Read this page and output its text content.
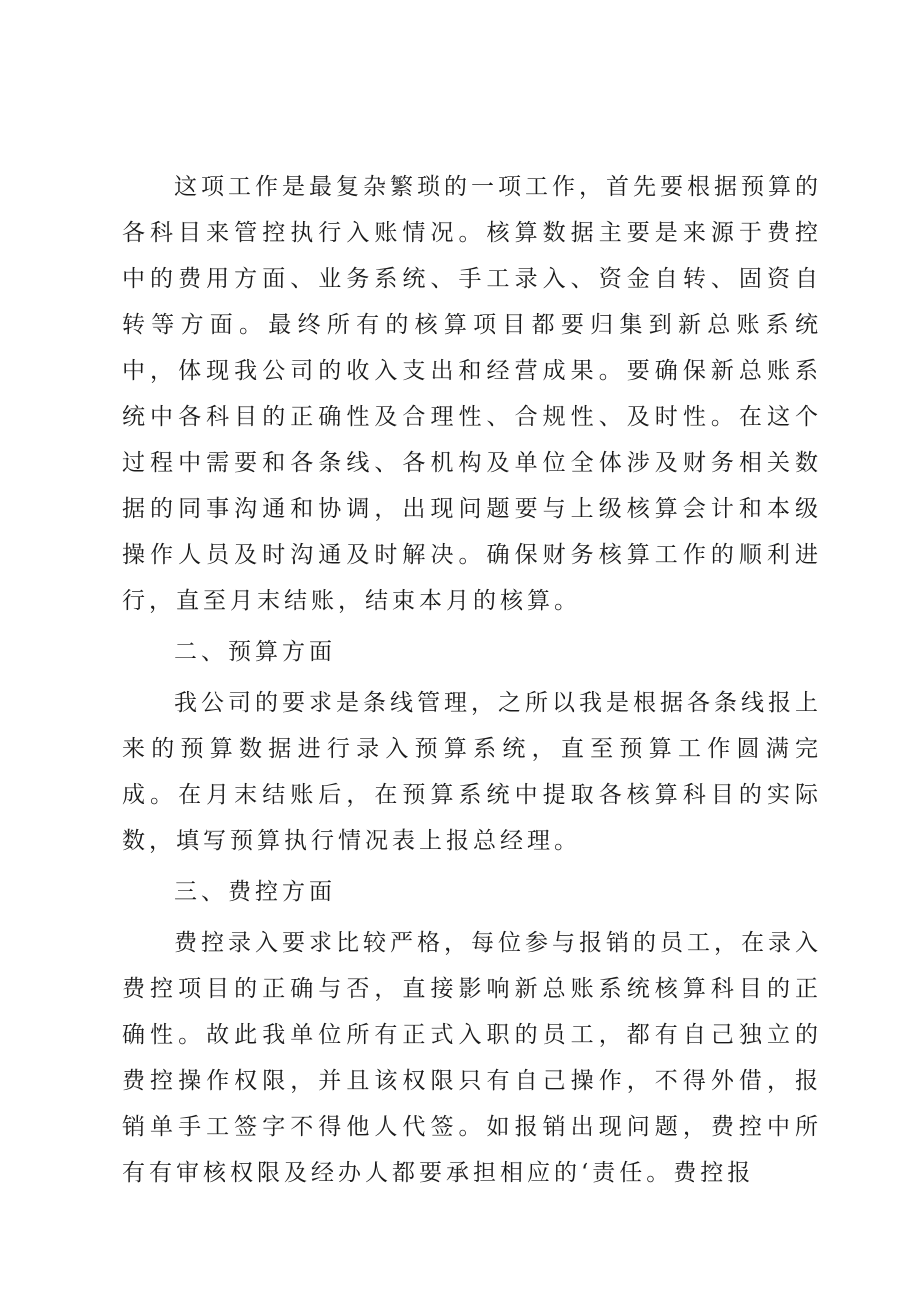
这项工作是最复杂繁琐的一项工作，首先要根据预算的各科目来管控执行入账情况。核算数据主要是来源于费控中的费用方面、业务系统、手工录入、资金自转、固资自转等方面。最终所有的核算项目都要归集到新总账系统中，体现我公司的收入支出和经营成果。要确保新总账系统中各科目的正确性及合理性、合规性、及时性。在这个过程中需要和各条线、各机构及单位全体涉及财务相关数据的同事沟通和协调，出现问题要与上级核算会计和本级操作人员及时沟通及时解决。确保财务核算工作的顺利进行，直至月末结账，结束本月的核算。

二、预算方面

我公司的要求是条线管理，之所以我是根据各条线报上来的预算数据进行录入预算系统，直至预算工作圆满完成。在月末结账后，在预算系统中提取各核算科目的实际数，填写预算执行情况表上报总经理。

三、费控方面

费控录入要求比较严格，每位参与报销的员工，在录入费控项目的正确与否，直接影响新总账系统核算科目的正确性。故此我单位所有正式入职的员工，都有自己独立的费控操作权限，并且该权限只有自己操作，不得外借，报销单手工签字不得他人代签。如报销出现问题，费控中所有有审核权限及经办人都要承担相应的‘责任。费控报
